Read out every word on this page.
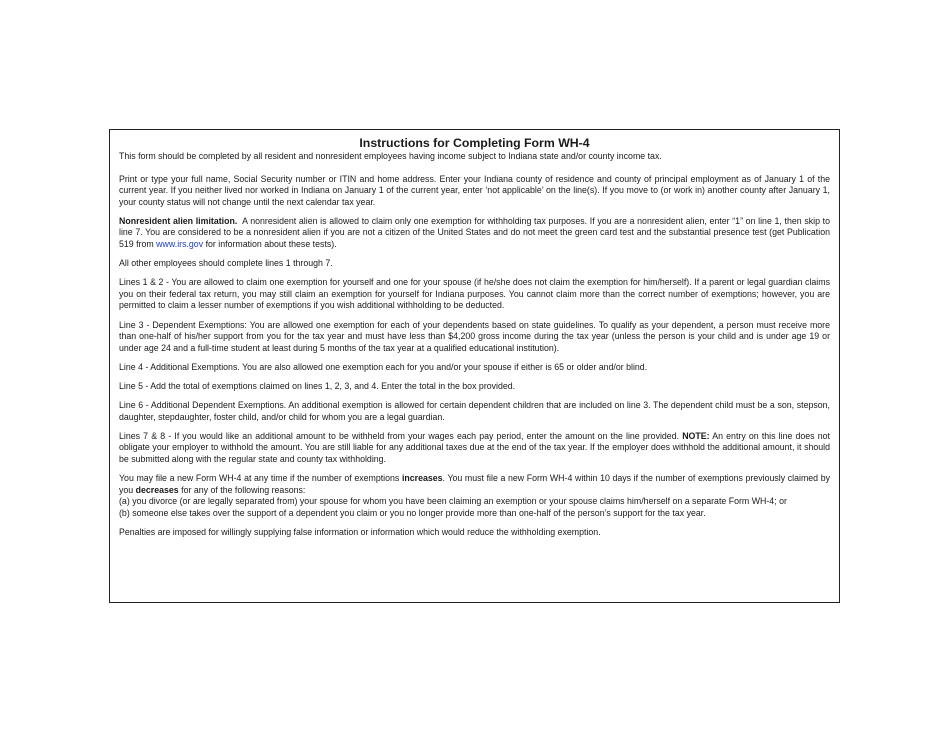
Instructions for Completing Form WH-4

This form should be completed by all resident and nonresident employees having income subject to Indiana state and/or county income tax.

Print or type your full name, Social Security number or ITIN and home address. Enter your Indiana county of residence and county of principal employment as of January 1 of the current year. If you neither lived nor worked in Indiana on January 1 of the current year, enter ‘not applicable’ on the line(s). If you move to (or work in) another county after January 1, your county status will not change until the next calendar tax year.

Nonresident alien limitation. A nonresident alien is allowed to claim only one exemption for withholding tax purposes. If you are a nonresident alien, enter “1” on line 1, then skip to line 7. You are considered to be a nonresident alien if you are not a citizen of the United States and do not meet the green card test and the substantial presence test (get Publication 519 from www.irs.gov for information about these tests).

All other employees should complete lines 1 through 7.

Lines 1 & 2 - You are allowed to claim one exemption for yourself and one for your spouse (if he/she does not claim the exemption for him/herself). If a parent or legal guardian claims you on their federal tax return, you may still claim an exemption for yourself for Indiana purposes. You cannot claim more than the correct number of exemptions; however, you are permitted to claim a lesser number of exemptions if you wish additional withholding to be deducted.

Line 3 - Dependent Exemptions: You are allowed one exemption for each of your dependents based on state guidelines. To qualify as your dependent, a person must receive more than one-half of his/her support from you for the tax year and must have less than $4,200 gross income during the tax year (unless the person is your child and is under age 19 or under age 24 and a full-time student at least during 5 months of the tax year at a qualified educational institution).

Line 4 - Additional Exemptions. You are also allowed one exemption each for you and/or your spouse if either is 65 or older and/or blind.

Line 5 - Add the total of exemptions claimed on lines 1, 2, 3, and 4. Enter the total in the box provided.

Line 6 - Additional Dependent Exemptions. An additional exemption is allowed for certain dependent children that are included on line 3. The dependent child must be a son, stepson, daughter, stepdaughter, foster child, and/or child for whom you are a legal guardian.

Lines 7 & 8 - If you would like an additional amount to be withheld from your wages each pay period, enter the amount on the line provided. NOTE: An entry on this line does not obligate your employer to withhold the amount. You are still liable for any additional taxes due at the end of the tax year. If the employer does withhold the additional amount, it should be submitted along with the regular state and county tax withholding.

You may file a new Form WH-4 at any time if the number of exemptions increases. You must file a new Form WH-4 within 10 days if the number of exemptions previously claimed by you decreases for any of the following reasons:
(a) you divorce (or are legally separated from) your spouse for whom you have been claiming an exemption or your spouse claims him/herself on a separate Form WH-4; or
(b) someone else takes over the support of a dependent you claim or you no longer provide more than one-half of the person’s support for the tax year.

Penalties are imposed for willingly supplying false information or information which would reduce the withholding exemption.
